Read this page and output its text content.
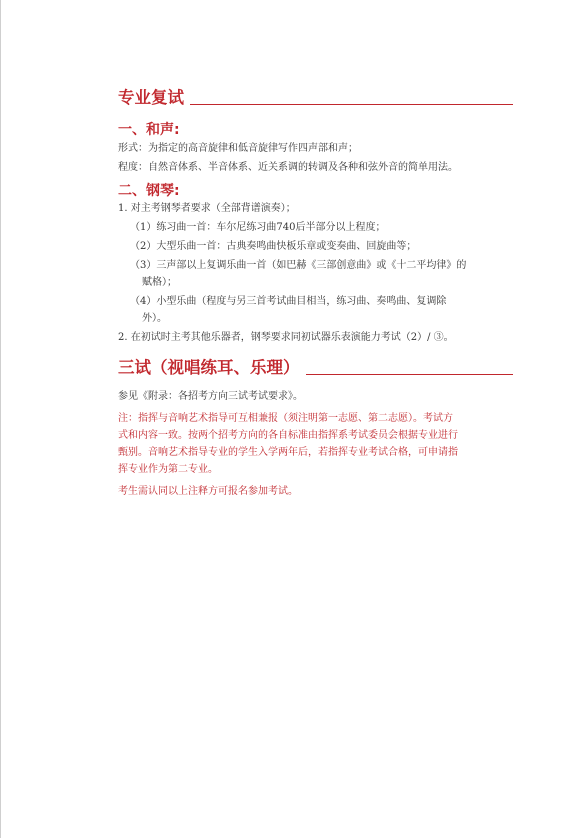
专业复试
一、和声:

形式：为指定的高音旋律和低音旋律写作四声部和声；

程度：自然音体系、半音体系、近关系调的转调及各种和弦外音的简单用法。

二、钢琴:

1. 对主考钢琴者要求（全部背谱演奏）；

（1）练习曲一首：车尔尼练习曲740后半部分以上程度；

（2）大型乐曲一首：古典奏鸣曲快板乐章或变奏曲、回旋曲等；

（3）三声部以上复调乐曲一首（如巴赫《三部创意曲》或《十二平均律》的

赋格）；

（4）小型乐曲（程度与另三首考试曲目相当，练习曲、奏鸣曲、复调除

外）。

2. 在初试时主考其他乐器者，钢琴要求同初试器乐表演能力考试（2）/ ③。

三试（视唱练耳、乐理）

参见《附录：各招考方向三试考试要求》。

注：指挥与音响艺术指导可互相兼报（须注明第一志愿、第二志愿）。考试方

式和内容一致。按两个招考方向的各自标准由指挥系考试委员会根据专业进行

甄别。音响艺术指导专业的学生入学两年后，若指挥专业考试合格，可申请指

挥专业作为第二专业。

考生需认同以上注释方可报名参加考试。
